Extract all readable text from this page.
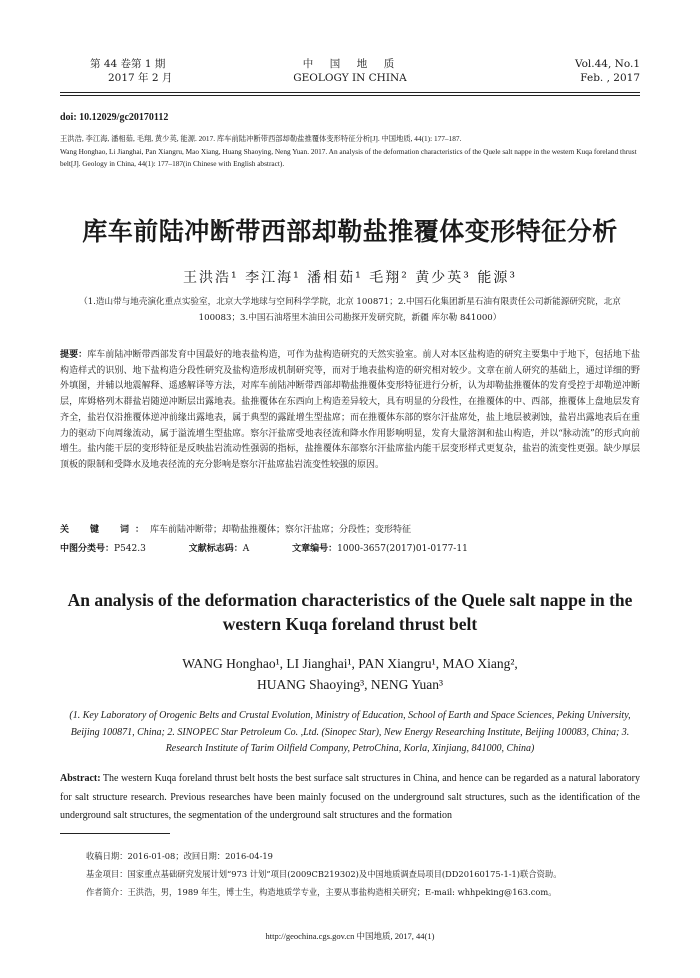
第 44 卷第 1 期
2017 年 2 月
中　国　地　质
GEOLOGY IN CHINA
Vol.44, No.1
Feb. , 2017
doi: 10.12029/gc20170112
王洪浩, 李江海, 潘相茹, 毛翔, 黄少英, 能源. 2017. 库车前陆冲断带西部却勒盐推覆体变形特征分析[J]. 中国地质, 44(1): 177–187.
Wang Honghao, Li Jianghai, Pan Xiangru, Mao Xiang, Huang Shaoying, Neng Yuan. 2017. An analysis of the deformation characteristics of the Quele salt nappe in the western Kuqa foreland thrust belt[J]. Geology in China, 44(1): 177–187(in Chinese with English abstract).
库车前陆冲断带西部却勒盐推覆体变形特征分析
王洪浩¹ 李江海¹ 潘相茹¹ 毛翔² 黄少英³ 能源³
（1.造山带与地壳演化重点实验室，北京大学地球与空间科学学院，北京 100871；2.中国石化集团新星石油有限责任公司新能源研究院，北京 100083；3.中国石油塔里木油田公司勘探开发研究院，新疆 库尔勒 841000）
提要：库车前陆冲断带西部发育中国最好的地表盐构造，可作为盐构造研究的天然实验室。前人对本区盐构造的研究主要集中于地下，包括地下盐构造样式的识别、地下盐构造分段性研究及盐构造形成机制研究等，而对于地表盐构造的研究相对较少。文章在前人研究的基础上，通过详细的野外填图，并辅以地震解释、遥感解译等方法，对库车前陆冲断带西部却勒盐推覆体变形特征进行分析，认为却勒盐推覆体的发育受控于却勒逆冲断层，库姆格列木群盐岩随逆冲断层出露地表。盐推覆体在东西向上构造差异较大，具有明显的分段性，在推覆体的中、西部，推覆体上盘地层发育齐全，盐岩仅沿推覆体逆冲前缘出露地表，属于典型的露趾增生型盐席；而在推覆体东部的察尔汗盐席处，盐上地层被剥蚀，盐岩出露地表后在重力的驱动下向周缘流动，属于溢流增生型盐席。察尔汗盐席受地表径流和降水作用影响明显，发育大量溶洞和盐山构造，并以“脉动流”的形式向前增生。盐内能干层的变形特征是反映盐岩流动性强弱的指标，盐推覆体东部察尔汗盐席盐内能干层变形样式更复杂，盐岩的流变性更强。缺少厚层顶板的限制和受降水及地表径流的充分影响是察尔汗盐席盐岩流变性较强的原因。
关　键　词：库车前陆冲断带；却勒盐推覆体；察尔汗盐席；分段性；变形特征
中图分类号：P542.3	文献标志码：A	文章编号：1000-3657(2017)01-0177-11
An analysis of the deformation characteristics of the Quele salt nappe in the western Kuqa foreland thrust belt
WANG Honghao¹, LI Jianghai¹, PAN Xiangru¹, MAO Xiang²,
HUANG Shaoying³, NENG Yuan³
(1. Key Laboratory of Orogenic Belts and Crustal Evolution, Ministry of Education, School of Earth and Space Sciences, Peking University, Beijing 100871, China; 2. SINOPEC Star Petroleum Co. ,Ltd. (Sinopec Star), New Energy Researching Institute, Beijing 100083, China; 3. Research Institute of Tarim Oilfield Company, PetroChina, Korla, Xinjiang, 841000, China)
Abstract: The western Kuqa foreland thrust belt hosts the best surface salt structures in China, and hence can be regarded as a natural laboratory for salt structure research. Previous researches have been mainly focused on the underground salt structures, such as the identification of the underground salt structures, the segmentation of the underground salt structures and the formation
收稿日期：2016-01-08；改回日期：2016-04-19
基金项目：国家重点基础研究发展计划“973 计划”项目(2009CB219302)及中国地质调查局项目(DD20160175-1-1)联合资助。
作者简介：王洪浩，男，1989 年生，博士生，构造地质学专业，主要从事盐构造相关研究；E-mail: whhpeking@163.com。
http://geochina.cgs.gov.cn 中国地质, 2017, 44(1)
